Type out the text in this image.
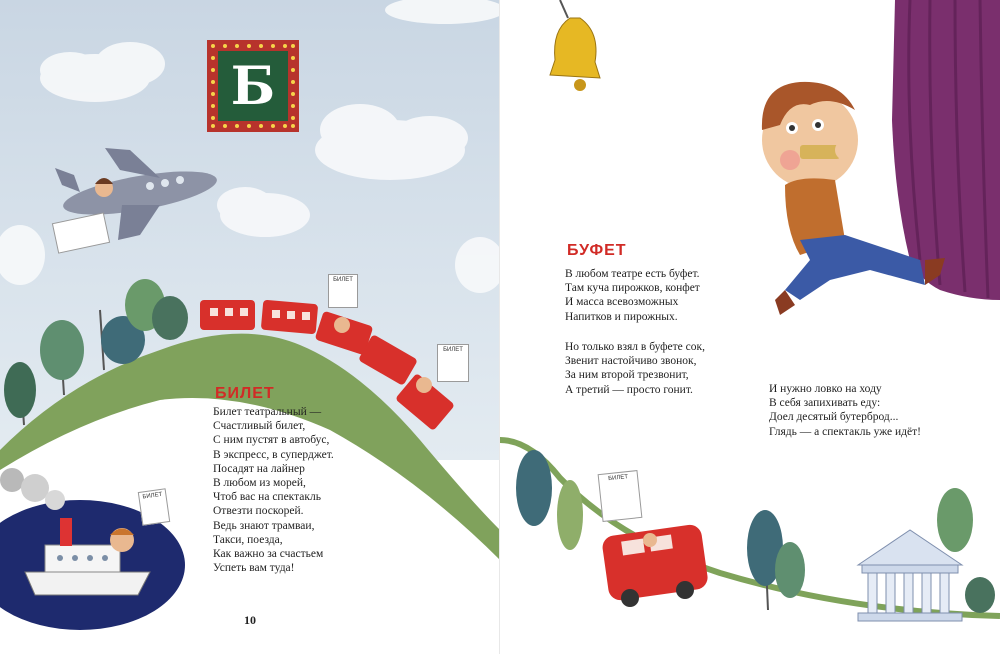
БИЛЕТ
БИЛЕТ
БИЛЕТ
Б
БИЛЕТ
Билет театральный —
Счастливый билет,
С ним пустят в автобус,
В экспресс, в суперджет.
Посадят на лайнер
В любом из морей,
Чтоб вас на спектакль
Отвезти поскорей.
Ведь знают трамваи,
Такси, поезда,
Как важно за счастьем
Успеть вам туда!
10
БИЛЕТ
БУФЕТ
В любом театре есть буфет.
Там куча пирожков, конфет
И масса всевозможных
Напитков и пирожных.
Но только взял в буфете сок,
Звенит настойчиво звонок,
За ним второй трезвонит,
А третий — просто гонит.	И нужно ловко на ходу
В себя запихивать еду:
Доел десятый бутерброд...
Глядь — а спектакль уже идёт!
